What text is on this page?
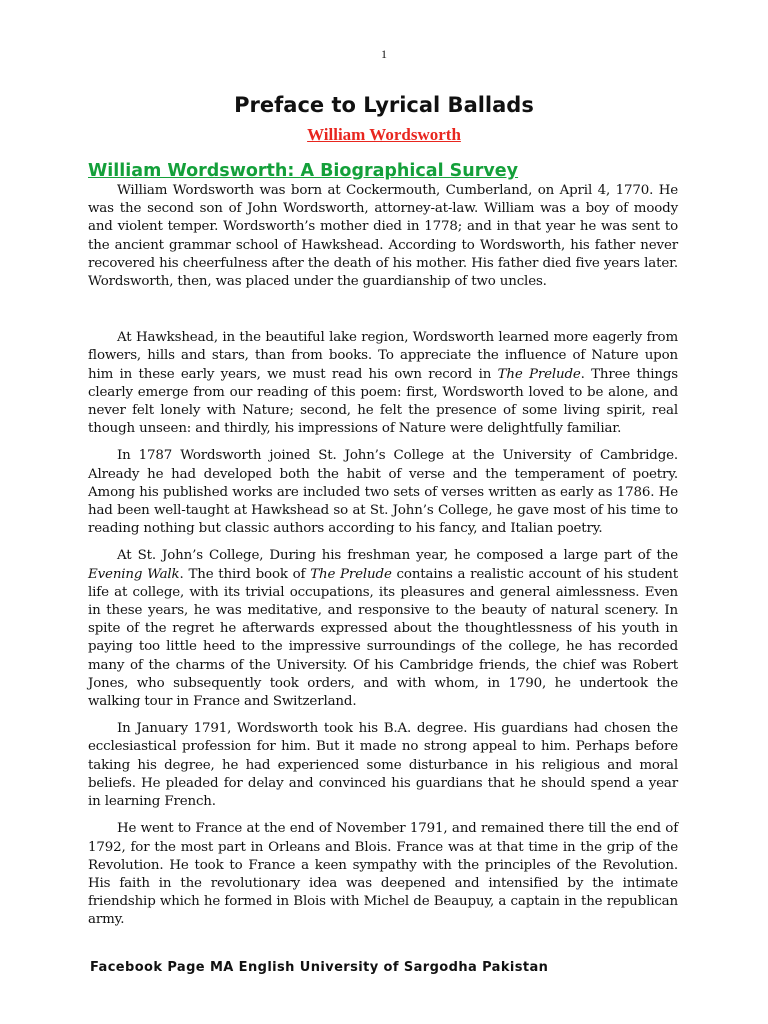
1
Preface to Lyrical Ballads
William Wordsworth
William Wordsworth: A Biographical Survey

William Wordsworth was born at Cockermouth, Cumberland, on April 4, 1770. He was the second son of John Wordsworth, attorney-at-law. William was a boy of moody and violent temper. Wordsworth’s mother died in 1778; and in that year he was sent to the ancient grammar school of Hawkshead. According to Wordsworth, his father never recovered his cheerfulness after the death of his mother. His father died five years later. Wordsworth, then, was placed under the guardianship of two uncles.

At Hawkshead, in the beautiful lake region, Wordsworth learned more eagerly from flowers, hills and stars, than from books. To appreciate the influence of Nature upon him in these early years, we must read his own record in The Prelude. Three things clearly emerge from our reading of this poem: first, Wordsworth loved to be alone, and never felt lonely with Nature; second, he felt the presence of some living spirit, real though unseen: and thirdly, his impressions of Nature were delightfully familiar.

In 1787 Wordsworth joined St. John’s College at the University of Cambridge. Already he had developed both the habit of verse and the temperament of poetry. Among his published works are included two sets of verses written as early as 1786. He had been well-taught at Hawkshead so at St. John’s College, he gave most of his time to reading nothing but classic authors according to his fancy, and Italian poetry.

At St. John’s College, During his freshman year, he composed a large part of the Evening Walk. The third book of The Prelude contains a realistic account of his student life at college, with its trivial occupations, its pleasures and general aimlessness. Even in these years, he was meditative, and responsive to the beauty of natural scenery. In spite of the regret he afterwards expressed about the thoughtlessness of his youth in paying too little heed to the impressive surroundings of the college, he has recorded many of the charms of the University. Of his Cambridge friends, the chief was Robert Jones, who subsequently took orders, and with whom, in 1790, he undertook the walking tour in France and Switzerland.

In January 1791, Wordsworth took his B.A. degree. His guardians had chosen the ecclesiastical profession for him. But it made no strong appeal to him. Perhaps before taking his degree, he had experienced some disturbance in his religious and moral beliefs. He pleaded for delay and convinced his guardians that he should spend a year in learning French.

He went to France at the end of November 1791, and remained there till the end of 1792, for the most part in Orleans and Blois. France was at that time in the grip of the Revolution. He took to France a keen sympathy with the principles of the Revolution. His faith in the revolutionary idea was deepened and intensified by the intimate friendship which he formed in Blois with Michel de Beaupuy, a captain in the republican army.

Facebook Page MA English University of Sargodha Pakistan
